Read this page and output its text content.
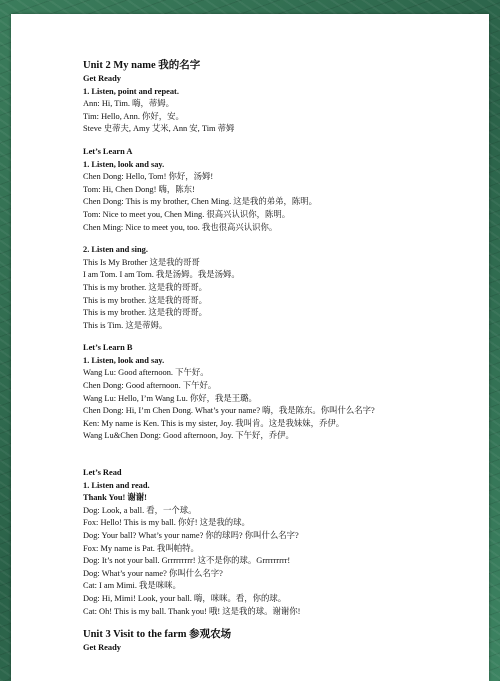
Unit 2 My name 我的名字
Get Ready
1. Listen, point and repeat.
Ann: Hi, Tim. 嗨，蒂姆。
Tim: Hello, Ann. 你好，安。
Steve 史蒂夫, Amy 艾米, Ann 安, Tim 蒂姆
Let’s Learn A
1. Listen, look and say.
Chen Dong: Hello, Tom! 你好，汤姆!
Tom: Hi, Chen Dong! 嗨，陈东!
Chen Dong: This is my brother, Chen Ming. 这是我的弟弟，陈明。
Tom: Nice to meet you, Chen Ming. 很高兴认识你，陈明。
Chen Ming: Nice to meet you, too. 我也很高兴认识你。
2. Listen and sing.
This Is My Brother 这是我的哥哥
I am Tom. I am Tom. 我是汤姆。我是汤姆。
This is my brother. 这是我的哥哥。
This is my brother. 这是我的哥哥。
This is my brother. 这是我的哥哥。
This is Tim. 这是蒂姆。
Let’s Learn B
1. Listen, look and say.
Wang Lu: Good afternoon. 下午好。
Chen Dong: Good afternoon. 下午好。
Wang Lu: Hello, I’m Wang Lu. 你好，我是王璐。
Chen Dong: Hi, I’m Chen Dong. What’s your name? 嗨，我是陈东。你叫什么名字?
Ken: My name is Ken. This is my sister, Joy. 我叫肯。这是我妹妹，乔伊。
Wang Lu&Chen Dong: Good afternoon, Joy. 下午好，乔伊。
Let’s Read
1. Listen and read.
Thank You! 谢谢!
Dog: Look, a ball. 看，一个球。
Fox: Hello! This is my ball. 你好! 这是我的球。
Dog: Your ball? What’s your name? 你的球吗? 你叫什么名字?
Fox: My name is Pat. 我叫帕特。
Dog: It’s not your ball. Grrrrrrrrr! 这不是你的球。Grrrrrrrrr!
Dog: What’s your name? 你叫什么名字?
Cat: I am Mimi. 我是咪咪。
Dog: Hi, Mimi! Look, your ball. 嗨，咪咪。看，你的球。
Cat: Oh! This is my ball. Thank you! 哦! 这是我的球。谢谢你!
Unit 3 Visit to the farm 参观农场
Get Ready
